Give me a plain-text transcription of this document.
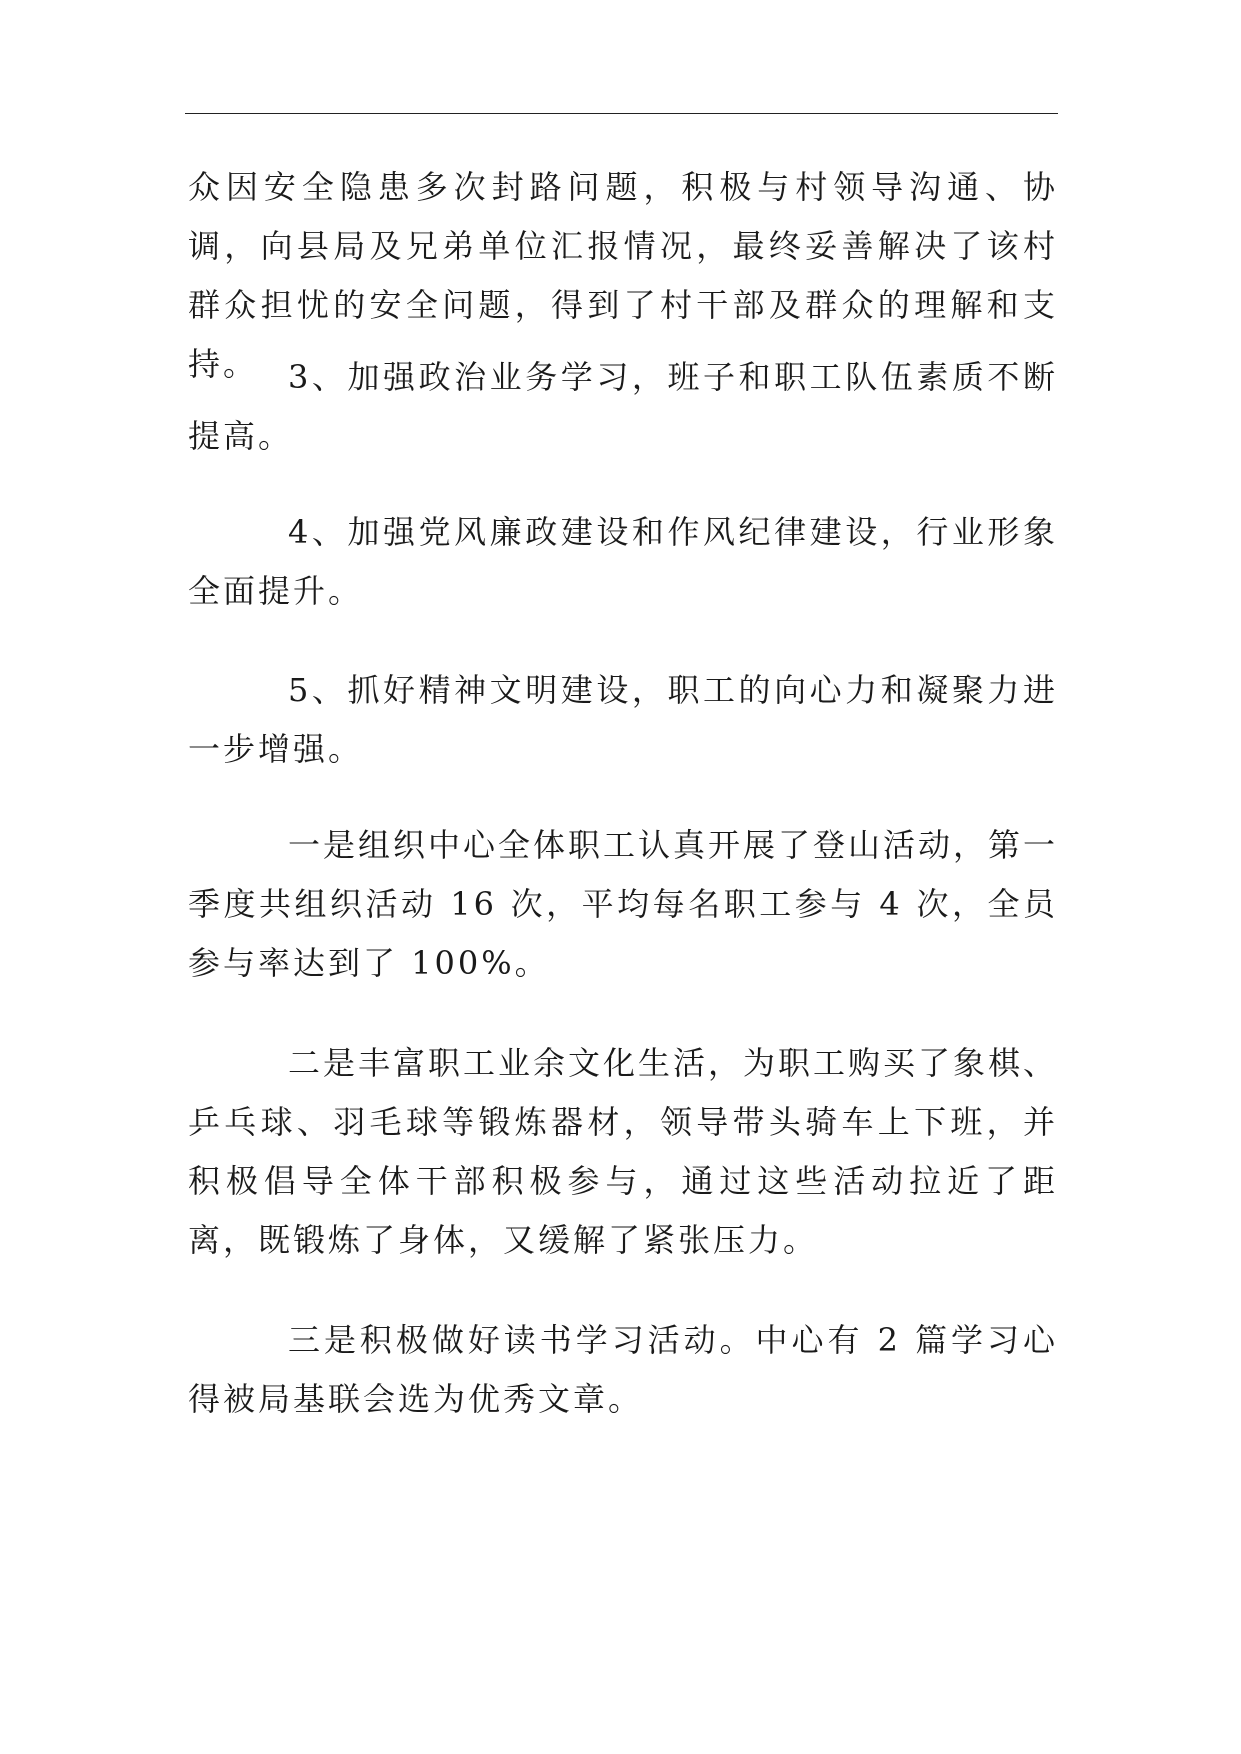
众因安全隐患多次封路问题，积极与村领导沟通、协调，向县局及兄弟单位汇报情况，最终妥善解决了该村群众担忧的安全问题，得到了村干部及群众的理解和支持。 3、加强政治业务学习，班子和职工队伍素质不断提高。

4、加强党风廉政建设和作风纪律建设，行业形象全面提升。

5、抓好精神文明建设，职工的向心力和凝聚力进一步增强。

一是组织中心全体职工认真开展了登山活动，第一季度共组织活动 16 次，平均每名职工参与 4 次，全员参与率达到了 100%。

二是丰富职工业余文化生活，为职工购买了象棋、乒乓球、羽毛球等锻炼器材，领导带头骑车上下班，并积极倡导全体干部积极参与，通过这些活动拉近了距离，既锻炼了身体，又缓解了紧张压力。

三是积极做好读书学习活动。中心有 2 篇学习心得被局基联会选为优秀文章。
